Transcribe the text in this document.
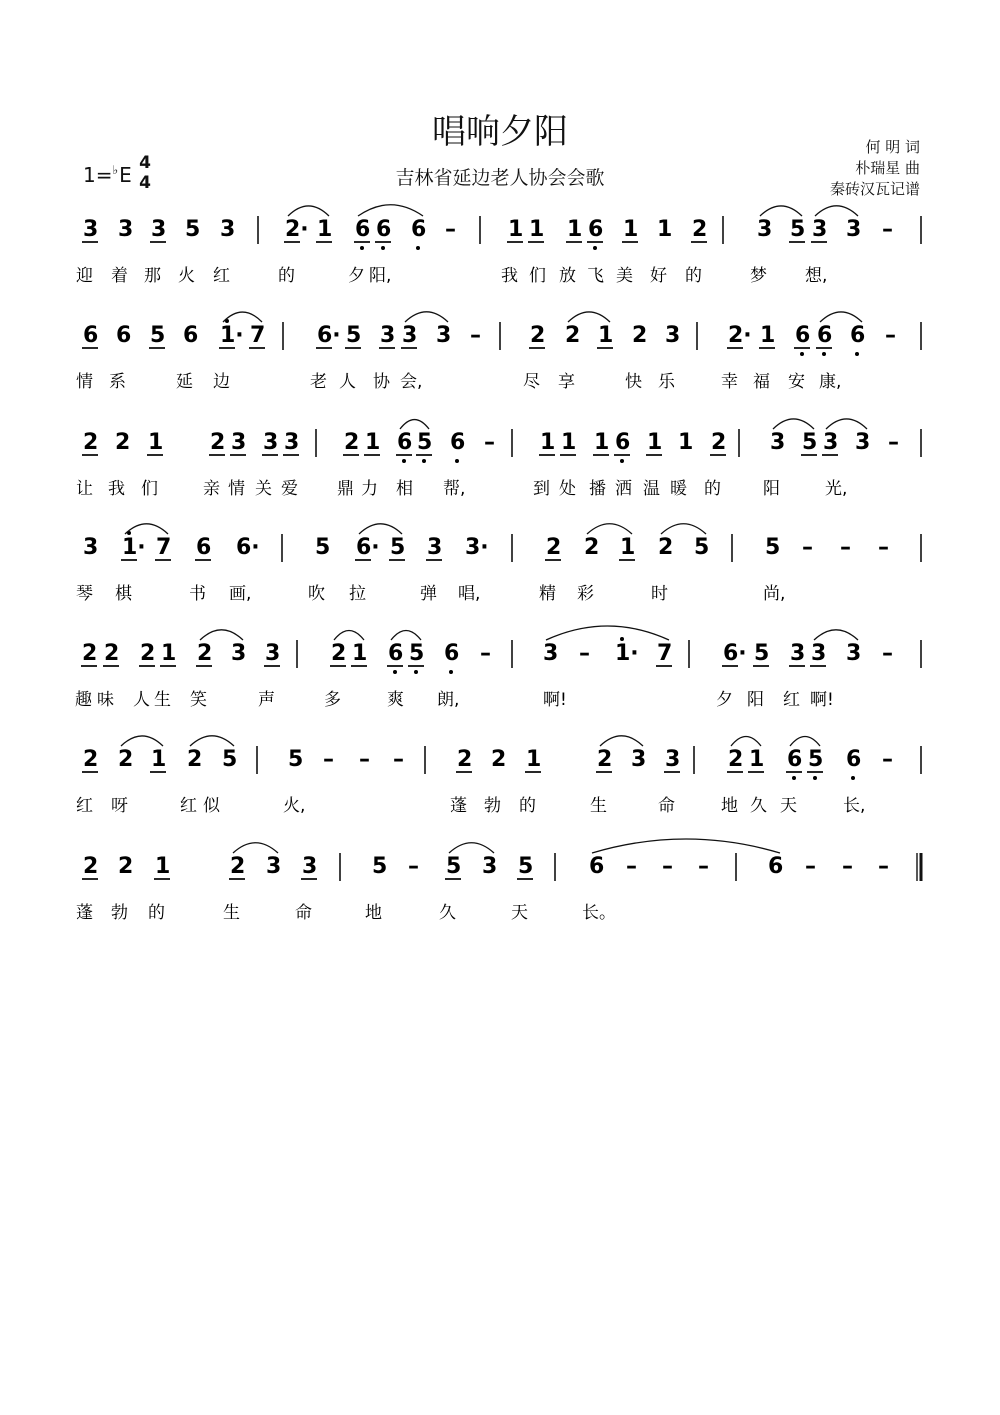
唱响夕阳
吉林省延边老人协会会歌
1=♭E 4
4
何 明 词
朴瑞星 曲
秦砖汉瓦记谱
3 3 3 5 3 2· 1 6 6 6 – 1 1 1 6 1 1 2 3 5 3 3 –
迎 着 那 火 红	的	夕 阳,	我 们 放 飞 美 好 的	梦 想,
6 6 5 6 1· 7 6· 5 3 3 3 – 2 2 1 2 3 2· 1 6 6 6 –
情 系	延 边	老 人 协 会,	尽 享	快 乐	幸 福 安 康,
2 2 1 2 3 3 3 2 1 6 5 6 – 1 1 1 6 1 1 2 3 5 3 3 –
让 我 们	亲 情 关 爱 鼎 力 相 帮,	到 处 播 洒 温 暖 的 阳	光,
3 1· 7 6 6·	5 6· 5 3 3·	2 2 1 2 5	5 – – –
琴 棋	书 画,	吹 拉	弹 唱,	精 彩	时	尚,
2 2 2 1 2 3 3 2 1 6 5 6 – 3 – 1· 7 6· 5 3 3 3 –
趣 味 人 生 笑	声	多	爽 朗,	啊!	夕 阳 红 啊!
2 2 1 2 5 5 – – – 2 2 1	2 3 3 2 1 6 5 6 –
红 呀	红 似	火,	蓬 勃 的	生	命	地 久 天	长,
2 2 1	2 3 3 5 – 5 3 5	6 – – –	6 – – –
蓬 勃 的	生	命	地	久	天	长。
